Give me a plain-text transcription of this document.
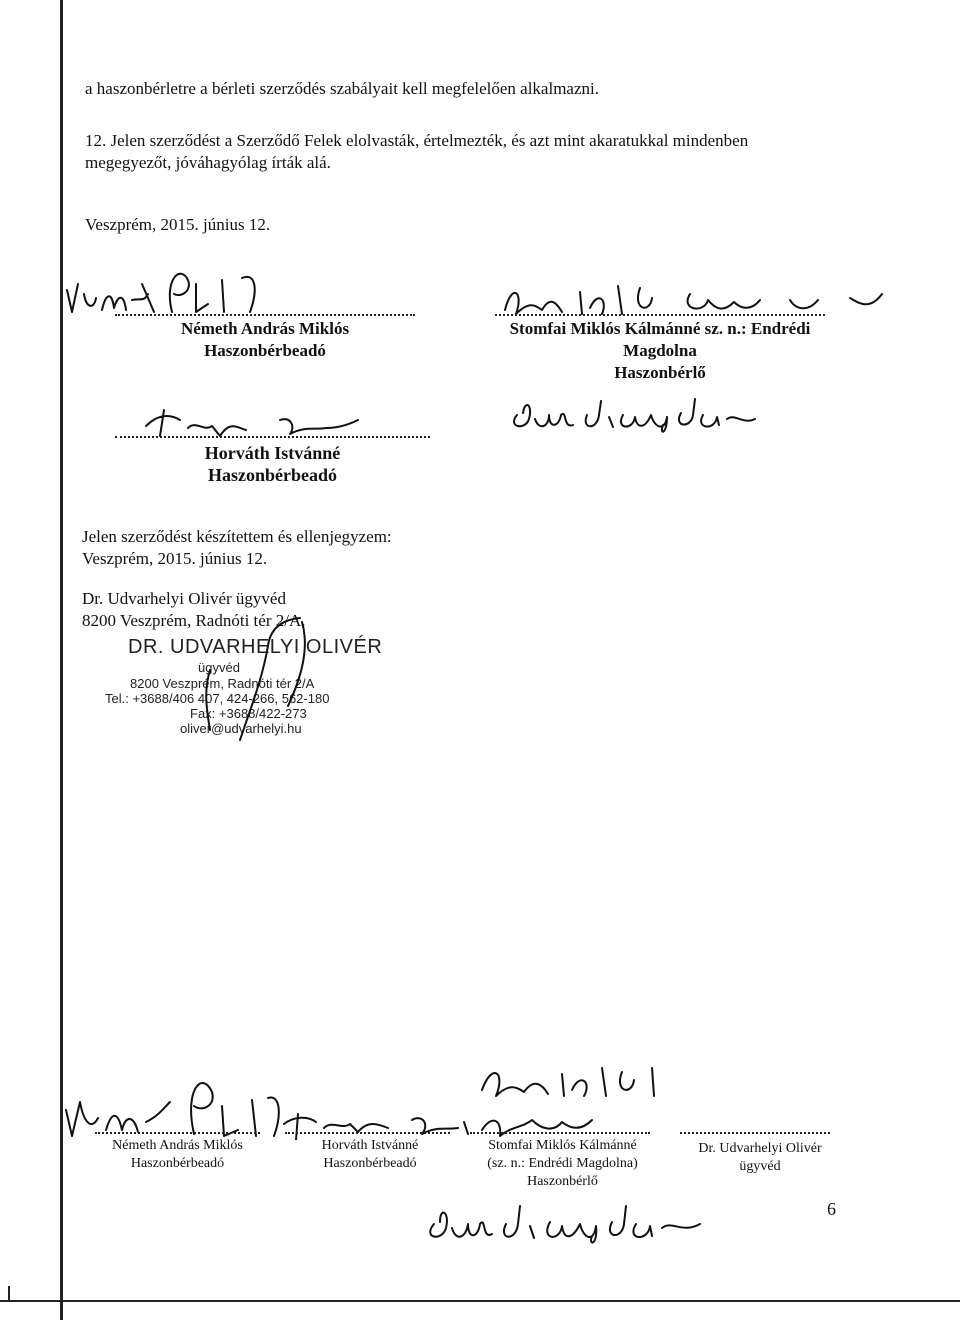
a haszonbérletre a bérleti szerződés szabályait kell megfelelően alkalmazni.
12. Jelen szerződést a Szerződő Felek elolvasták, értelmezték, és azt mint akaratukkal mindenben
megegyezőt, jóváhagyólag írták alá.
Veszprém, 2015. június 12.
Németh András Miklós
Haszonbérbeadó
Stomfai Miklós Kálmánné sz. n.: Endrédi
Magdolna
Haszonbérlő
Horváth Istvánné
Haszonbérbeadó
Jelen szerződést készítettem és ellenjegyzem:
Veszprém, 2015. június 12.
Dr. Udvarhelyi Olivér ügyvéd
8200 Veszprém, Radnóti tér 2/A.
DR. UDVARHELYI OLIVÉR
ügyvéd
8200 Veszprém, Radnóti tér 2/A
Tel.: +3688/406 407, 424-266, 562-180
Fax: +3688/422-273
oliver@udvarhelyi.hu
Németh András Miklós
Haszonbérbeadó
Horváth Istvánné
Haszonbérbeadó
Stomfai Miklós Kálmánné
(sz. n.: Endrédi Magdolna)
Haszonbérlő
Dr. Udvarhelyi Olivér
ügyvéd
6
